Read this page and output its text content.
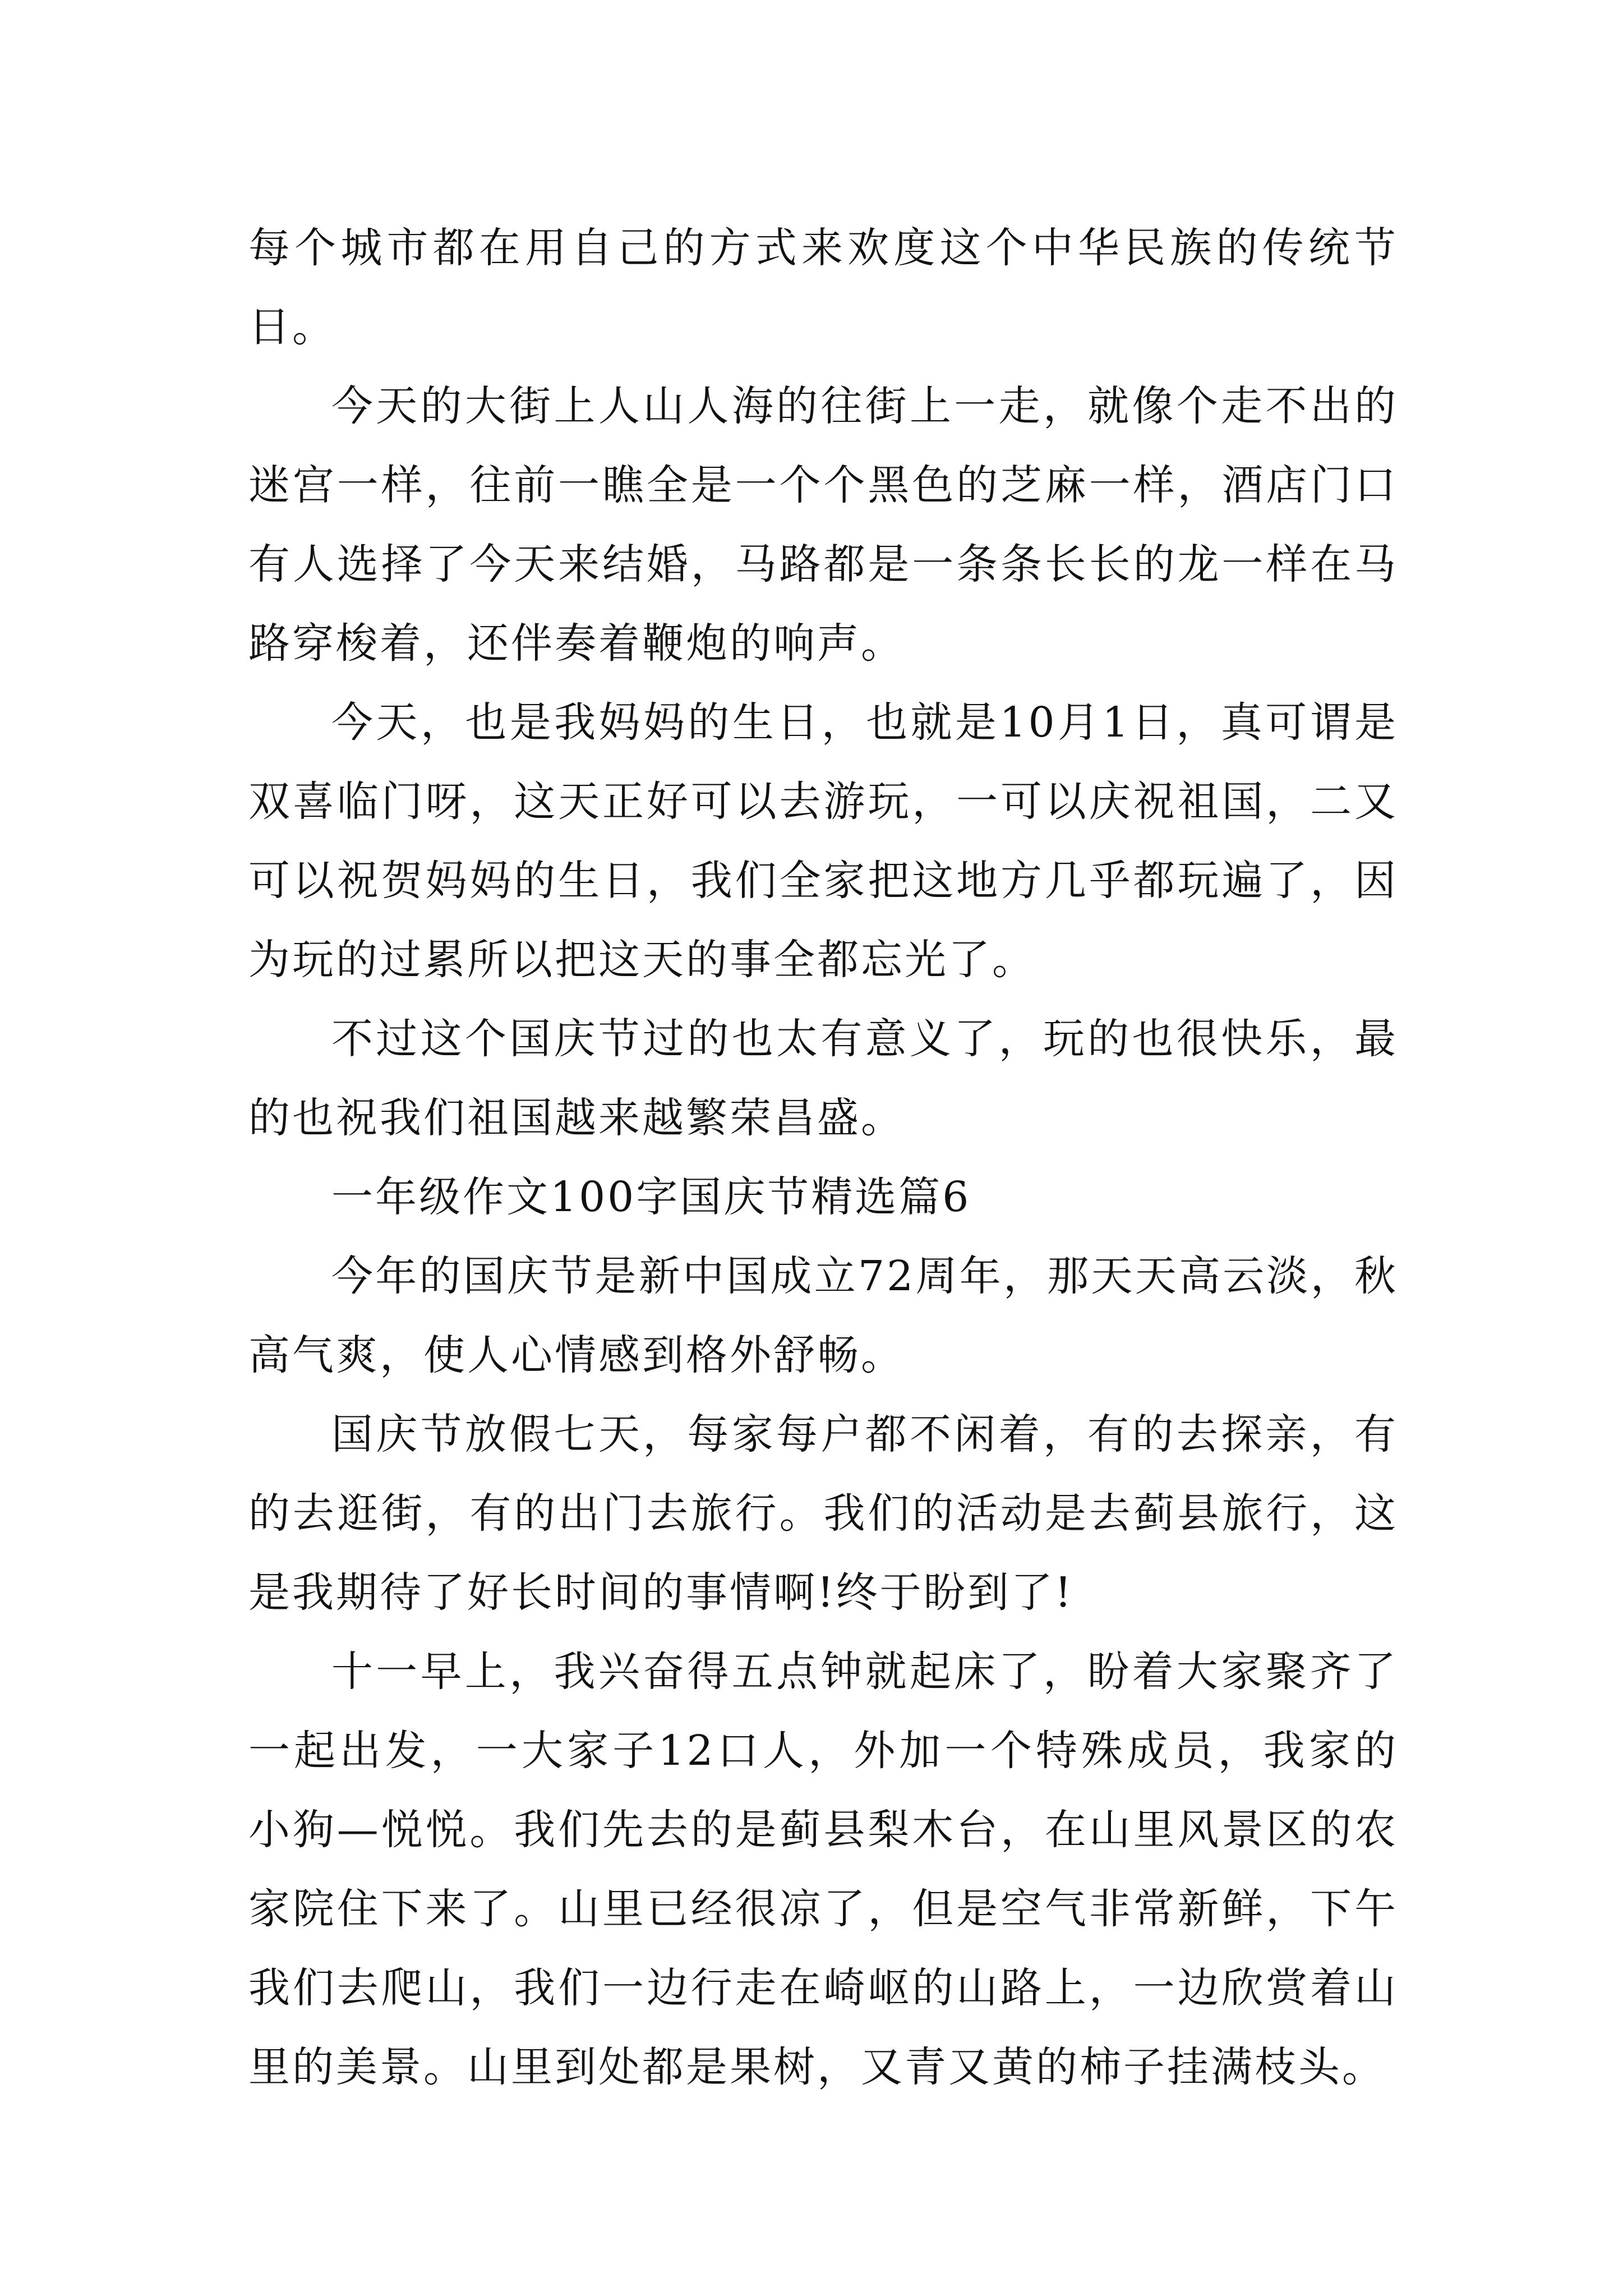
每个城市都在用自己的方式来欢度这个中华民族的传统节日。

今天的大街上人山人海的往街上一走，就像个走不出的迷宫一样，往前一瞧全是一个个黑色的芝麻一样，酒店门口有人选择了今天来结婚，马路都是一条条长长的龙一样在马路穿梭着，还伴奏着鞭炮的响声。

今天，也是我妈妈的生日，也就是10月1日，真可谓是双喜临门呀，这天正好可以去游玩，一可以庆祝祖国，二又可以祝贺妈妈的生日，我们全家把这地方几乎都玩遍了，因为玩的过累所以把这天的事全都忘光了。

不过这个国庆节过的也太有意义了，玩的也很快乐，最的也祝我们祖国越来越繁荣昌盛。

一年级作文100字国庆节精选篇6

今年的国庆节是新中国成立72周年，那天天高云淡，秋高气爽，使人心情感到格外舒畅。

国庆节放假七天，每家每户都不闲着，有的去探亲，有的去逛街，有的出门去旅行。我们的活动是去蓟县旅行，这是我期待了好长时间的事情啊!终于盼到了!

十一早上，我兴奋得五点钟就起床了，盼着大家聚齐了一起出发，一大家子12口人，外加一个特殊成员，我家的小狗—悦悦。我们先去的是蓟县梨木台，在山里风景区的农家院住下来了。山里已经很凉了，但是空气非常新鲜，下午我们去爬山，我们一边行走在崎岖的山路上，一边欣赏着山里的美景。山里到处都是果树，又青又黄的柿子挂满枝头。
